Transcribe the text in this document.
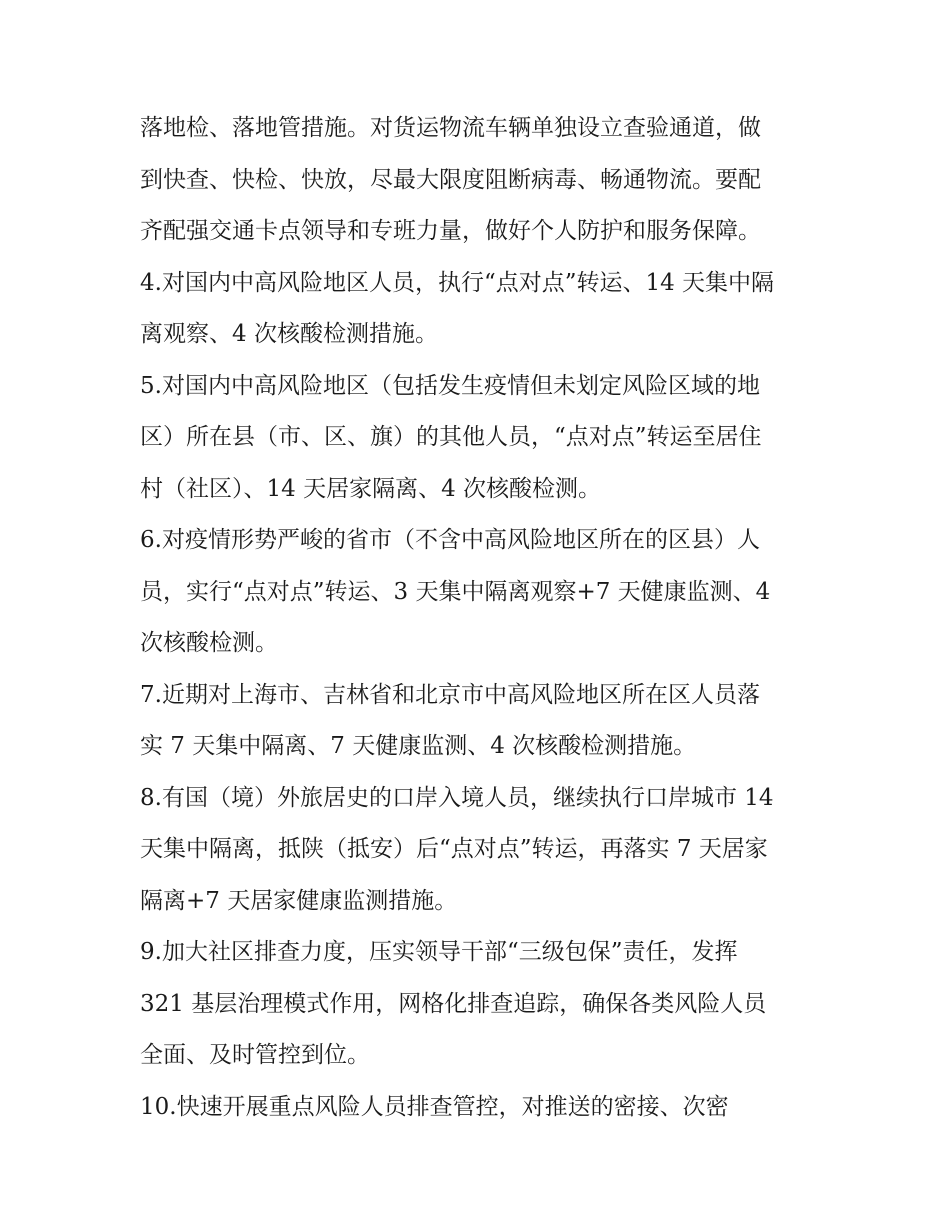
落地检、落地管措施。对货运物流车辆单独设立查验通道，做
到快查、快检、快放，尽最大限度阻断病毒、畅通物流。要配
齐配强交通卡点领导和专班力量，做好个人防护和服务保障。
4.对国内中高风险地区人员，执行“点对点”转运、14 天集中隔
离观察、4 次核酸检测措施。
5.对国内中高风险地区（包括发生疫情但未划定风险区域的地
区）所在县（市、区、旗）的其他人员，“点对点”转运至居住
村（社区）、14 天居家隔离、4 次核酸检测。
6.对疫情形势严峻的省市（不含中高风险地区所在的区县）人
员，实行“点对点”转运、3 天集中隔离观察+7 天健康监测、4
次核酸检测。
7.近期对上海市、吉林省和北京市中高风险地区所在区人员落
实 7 天集中隔离、7 天健康监测、4 次核酸检测措施。
8.有国（境）外旅居史的口岸入境人员，继续执行口岸城市 14
天集中隔离，抵陕（抵安）后“点对点”转运，再落实 7 天居家
隔离+7 天居家健康监测措施。
9.加大社区排查力度，压实领导干部“三级包保”责任，发挥
321 基层治理模式作用，网格化排查追踪，确保各类风险人员
全面、及时管控到位。
10.快速开展重点风险人员排查管控，对推送的密接、次密
